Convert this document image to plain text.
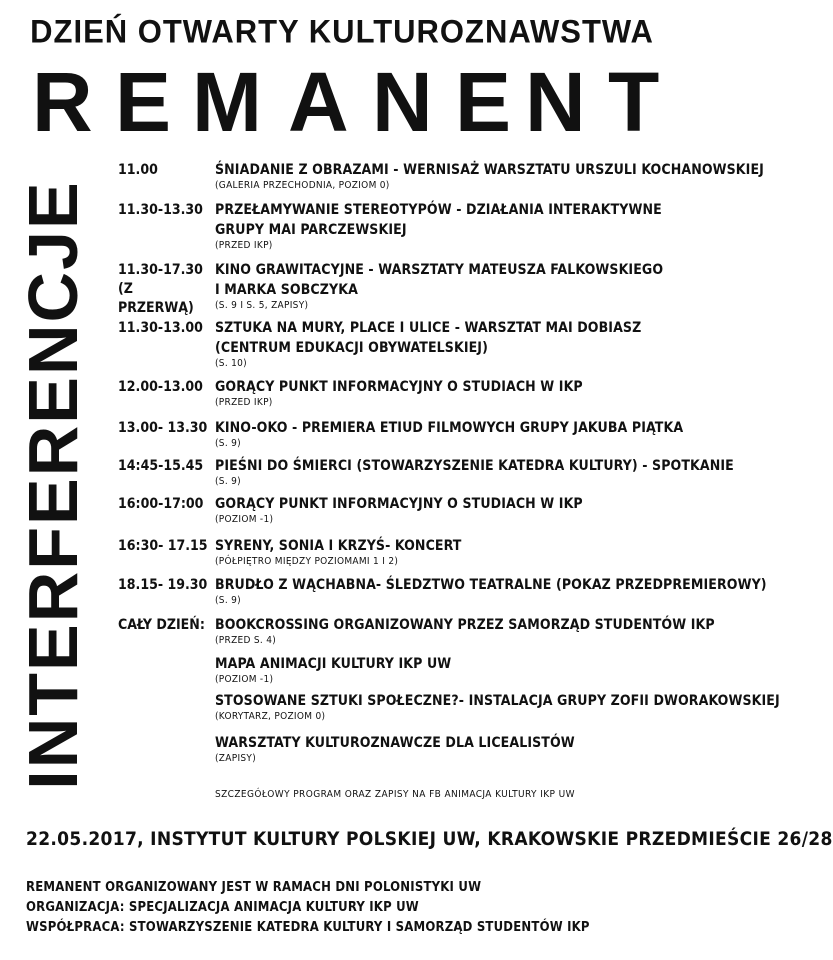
DZIEŃ OTWARTY KULTUROZNAWSTWA
R E M A N E N T
INTERFERENCJE
11.00	ŚNIADANIE Z OBRAZAMI - WERNISAŻ WARSZTATU URSZULI KOCHANOWSKIEJ
(GALERIA PRZECHODNIA, POZIOM 0)
11.30-13.30 PRZEŁAMYWANIE STEREOTYPÓW - DZIAŁANIA INTERAKTYWNE
GRUPY MAI PARCZEWSKIEJ
(PRZED IKP)
11.30-17.30
(Z PRZERWĄ)
KINO GRAWITACYJNE - WARSZTATY MATEUSZA FALKOWSKIEGO
I MARKA SOBCZYKA
(S. 9 I S. 5, ZAPISY)
11.30-13.00 SZTUKA NA MURY, PLACE I ULICE - WARSZTAT MAI DOBIASZ
(CENTRUM EDUKACJI OBYWATELSKIEJ)
(S. 10)
12.00-13.00 GORĄCY PUNKT INFORMACYJNY O STUDIACH W IKP
(PRZED IKP)
13.00- 13.30 KINO-OKO - PREMIERA ETIUD FILMOWYCH GRUPY JAKUBA PIĄTKA
(S. 9)
14:45-15.45 PIEŚNI DO ŚMIERCI (STOWARZYSZENIE KATEDRA KULTURY) - SPOTKANIE
(S. 9)
16:00-17:00 GORĄCY PUNKT INFORMACYJNY O STUDIACH W IKP
(POZIOM -1)
16:30- 17.15 SYRENY, SONIA I KRZYŚ- KONCERT
(PÓŁPIĘTRO MIĘDZY POZIOMAMI 1 I 2)
18.15- 19.30 BRUDŁO Z WĄCHABNA- ŚLEDZTWO TEATRALNE (POKAZ PRZEDPREMIEROWY)
(S. 9)
CAŁY DZIEŃ: BOOKCROSSING ORGANIZOWANY PRZEZ SAMORZĄD STUDENTÓW IKP
(PRZED S. 4)
MAPA ANIMACJI KULTURY IKP UW
(POZIOM -1)
STOSOWANE SZTUKI SPOŁECZNE?- INSTALACJA GRUPY ZOFII DWORAKOWSKIEJ
(KORYTARZ, POZIOM 0)
WARSZTATY KULTUROZNAWCZE DLA LICEALISTÓW
(ZAPISY)
SZCZEGÓŁOWY PROGRAM ORAZ ZAPISY NA FB ANIMACJA KULTURY IKP UW
22.05.2017, INSTYTUT KULTURY POLSKIEJ UW, KRAKOWSKIE PRZEDMIEŚCIE 26/28
REMANENT ORGANIZOWANY JEST W RAMACH DNI POLONISTYKI UW
ORGANIZACJA: SPECJALIZACJA ANIMACJA KULTURY IKP UW
WSPÓŁPRACA: STOWARZYSZENIE KATEDRA KULTURY I SAMORZĄD STUDENTÓW IKP
